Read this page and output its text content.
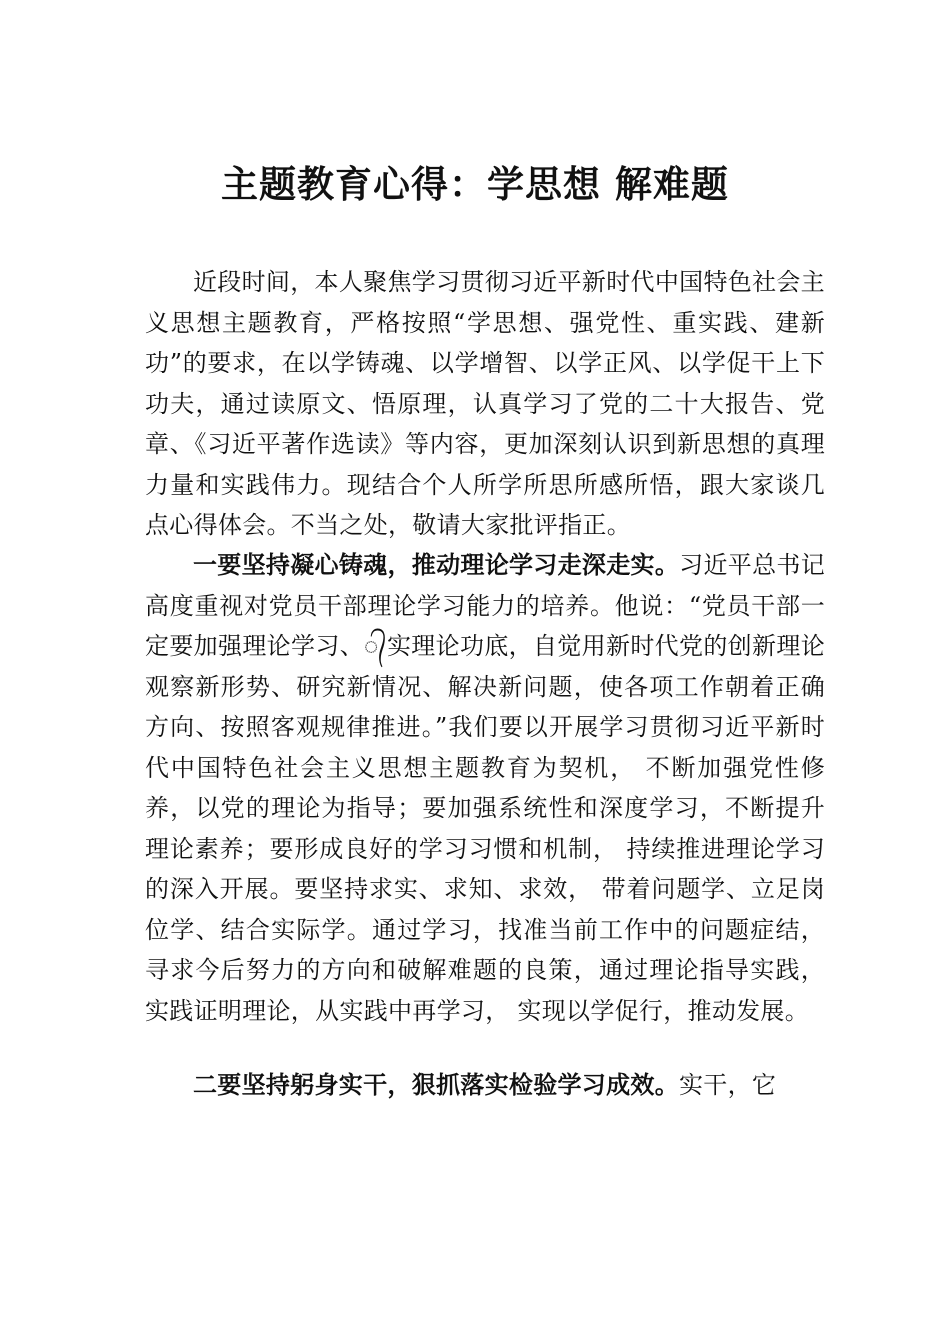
主题教育心得：学思想 解难题

近段时间，本人聚焦学习贯彻习近平新时代中国特色社会主义思想主题教育，严格按照“学思想、强党性、重实践、建新功”的要求，在以学铸魂、以学增智、以学正风、以学促干上下功夫，通过读原文、悟原理，认真学习了党的二十大报告、党章、《习近平著作选读》等内容，更加深刻认识到新思想的真理力量和实践伟力。现结合个人所学所思所感所悟，跟大家谈几点心得体会。不当之处，敬请大家批评指正。

一要坚持凝心铸魂，推动理论学习走深走实。习近平总书记高度重视对党员干部理论学习能力的培养。他说：“党员干部一定要加强理论学习、᭄实理论功底，自觉用新时代党的创新理论观察新形势、研究新情况、解决新问题，使各项工作朝着正确方向、按照客观规律推进。”我们要以开展学习贯彻习近平新时代中国特色社会主义思想主题教育为契机， 不断加强党性修养，以党的理论为指导；要加强系统性和深度学习，不断提升理论素养；要形成良好的学习习惯和机制， 持续推进理论学习的深入开展。要坚持求实、求知、求效， 带着问题学、立足岗位学、结合实际学。通过学习，找准当前工作中的问题症结，寻求今后努力的方向和破解难题的良策，通过理论指导实践，实践证明理论，从实践中再学习， 实现以学促行，推动发展。

二要坚持躬身实干，狠抓落实检验学习成效。实干，它
